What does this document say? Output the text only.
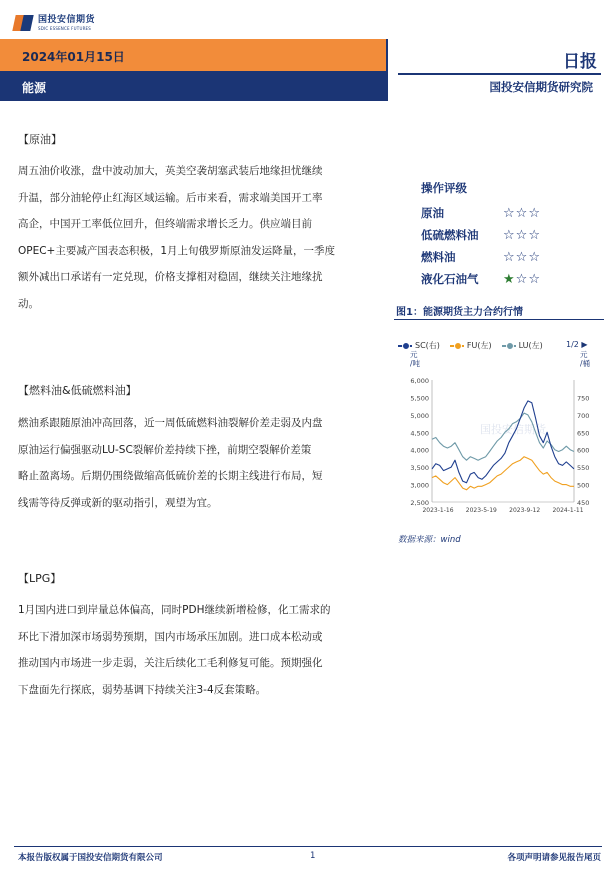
国投安信期货
SDIC ESSENCE FUTURES
2024年01月15日
能源
日报
国投安信期货研究院
【原油】
周五油价收涨，盘中波动加大，英美空袭胡塞武装后地缘担忧继续
升温，部分油轮停止红海区域运输。后市来看，需求端美国开工率
高企，中国开工率低位回升，但终端需求增长乏力。供应端目前
OPEC+主要减产国表态积极，1月上旬俄罗斯原油发运降量，一季度
额外减出口承诺有一定兑现，价格支撑相对稳固，继续关注地缘扰
动。
【燃料油&低硫燃料油】
燃油系跟随原油冲高回落，近一周低硫燃料油裂解价差走弱及内盘
原油运行偏强驱动LU-SC裂解价差持续下挫，前期空裂解价差策
略止盈离场。后期仍围绕做缩高低硫价差的长期主线进行布局，短
线需等待反弹或新的驱动指引，观望为宜。
【LPG】
1月国内进口到岸量总体偏高，同时PDH继续新增检修，化工需求的
环比下滑加深市场弱势预期，国内市场承压加剧。进口成本松动或
推动国内市场进一步走弱，关注后续化工毛利修复可能。预期强化
下盘面先行探底，弱势基调下持续关注3-4反套策略。
操作评级
原油	☆☆☆
低硫燃料油	☆☆☆
燃料油	☆☆☆
液化石油气	★☆☆
图1：能源期货主力合约行情
SC(右)	FU(左)	LU(左)	1/2 ▶
元
/吨
元
/桶
6,000
5,500
5,000
4,500
4,000
3,500
3,000
2,500
750
700
650
600
550
500
450
2023-1-16 2023-5-19 2023-9-12 2024-1-11
国投安信期货
数据来源：wind
本报告版权属于国投安信期货有限公司	1	各项声明请参见报告尾页
